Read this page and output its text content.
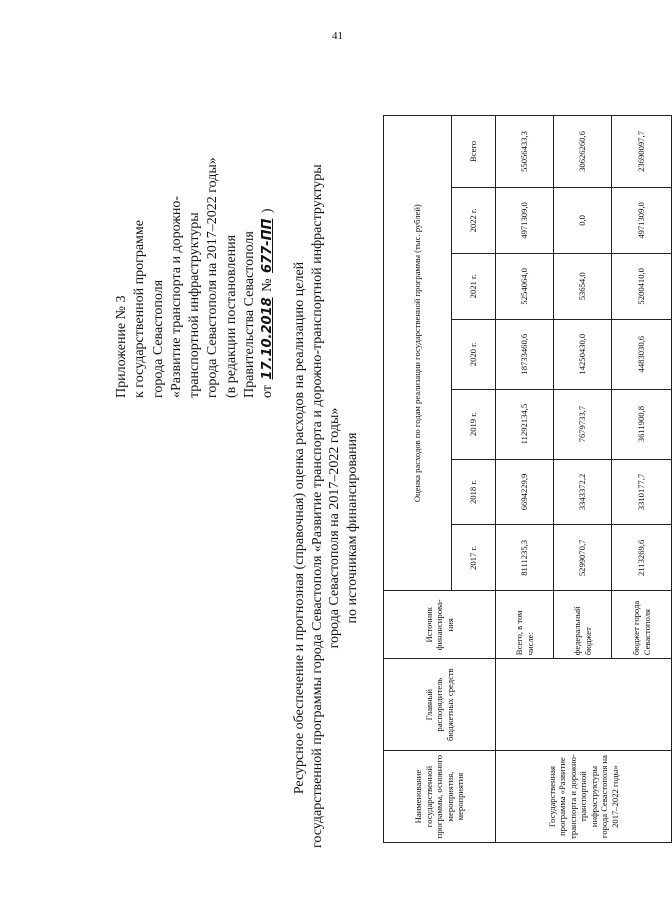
41
Приложение № 3 к государственной программе города Севастополя «Развитие транспорта и дорожно- транспортной инфраструктуры города Севастополя на 2017–2022 годы» (в редакции постановления Правительства Севастополя от 17.10.2018 № 677-ПП )
Ресурсное обеспечение и прогнозная (справочная) оценка расходов на реализацию целей государственной программы города Севастополя «Развитие транспорта и дорожно-транспортной инфраструктуры города Севастополя на 2017–2022 годы» по источникам финансирования
Наименование государственной программы, основного мероприятия, мероприятия	Главный распорядитель бюджетных средств	Источник финансирова-ния	Оценка расходов по годам реализации государственной программы (тыс. рублей)						
			2017 г.	2018 г.	2019 г.	2020 г.	2021 г.	2022 г.	Всего
Государственная программа «Развитие транспорта и дорожно-транспортной инфраструктуры города Севастополя на 2017–2022 годы»		Всего, в том числе:	8111235,3	6694229,9	11292134,5	18733460,6	5254064,0	4971309,0	55056433,3
		федеральный бюджет	5299070,7	3343372,2	7679733,7	14250430,0	53654,0	0,0	30626260,6
		бюджет города Севастополя	2113269,6	3310177,7	3611900,8	4483030,6	5200410,0	4971309,0	23690097,7
